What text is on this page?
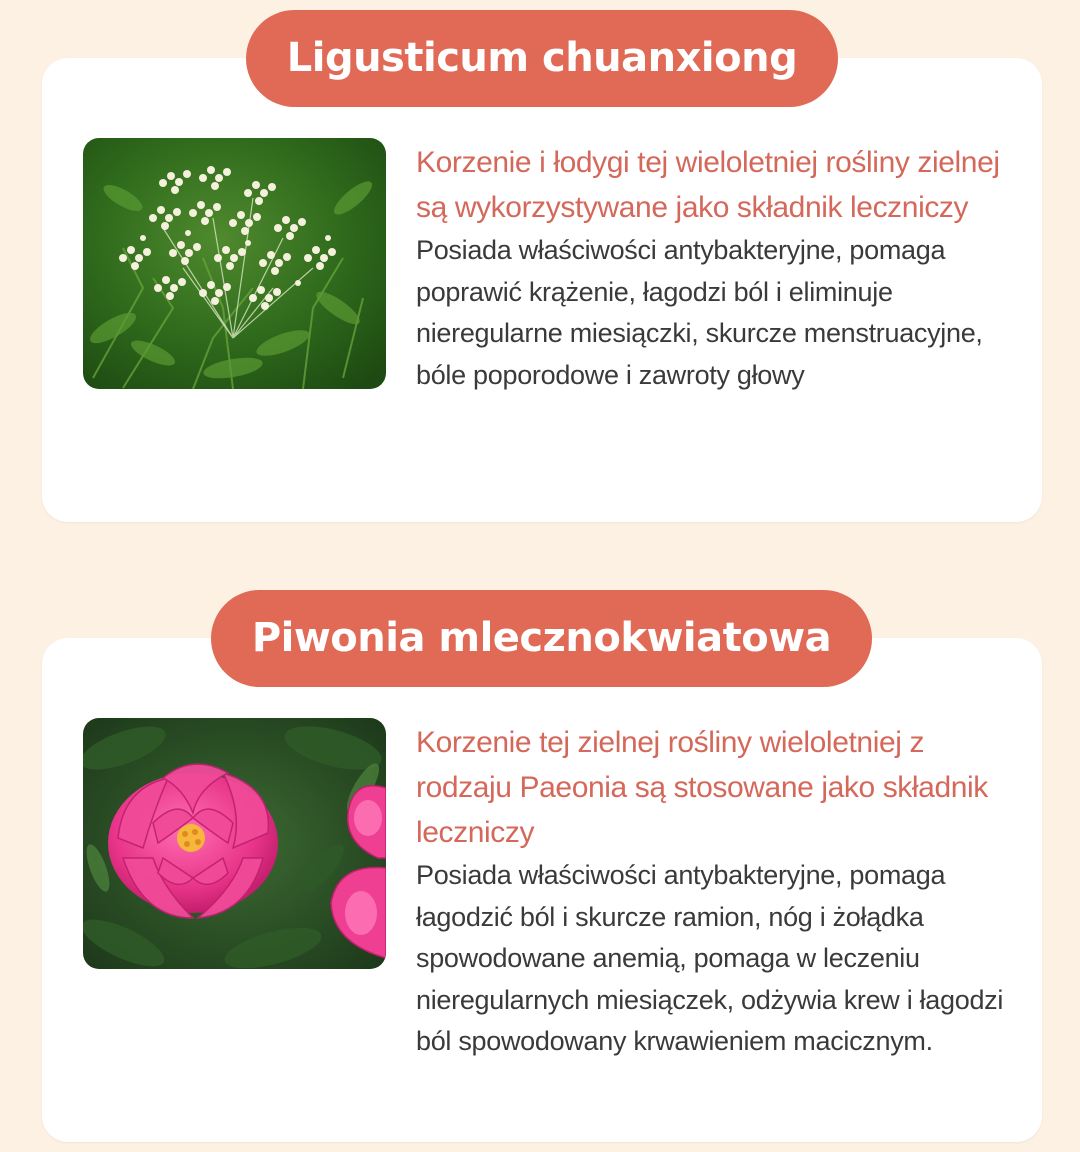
Ligusticum chuanxiong
Korzenie i łodygi tej wieloletniej rośliny zielnej są wykorzystywane jako składnik leczniczy
Posiada właściwości antybakteryjne, pomaga poprawić krążenie, łagodzi ból i eliminuje nieregularne miesiączki, skurcze menstruacyjne, bóle poporodowe i zawroty głowy
Piwonia mlecznokwiatowa
Korzenie tej zielnej rośliny wieloletniej z rodzaju Paeonia są stosowane jako składnik leczniczy
Posiada właściwości antybakteryjne, pomaga łagodzić ból i skurcze ramion, nóg i żołądka spowodowane anemią, pomaga w leczeniu nieregularnych miesiączek, odżywia krew i łagodzi ból spowodowany krwawieniem macicznym.
